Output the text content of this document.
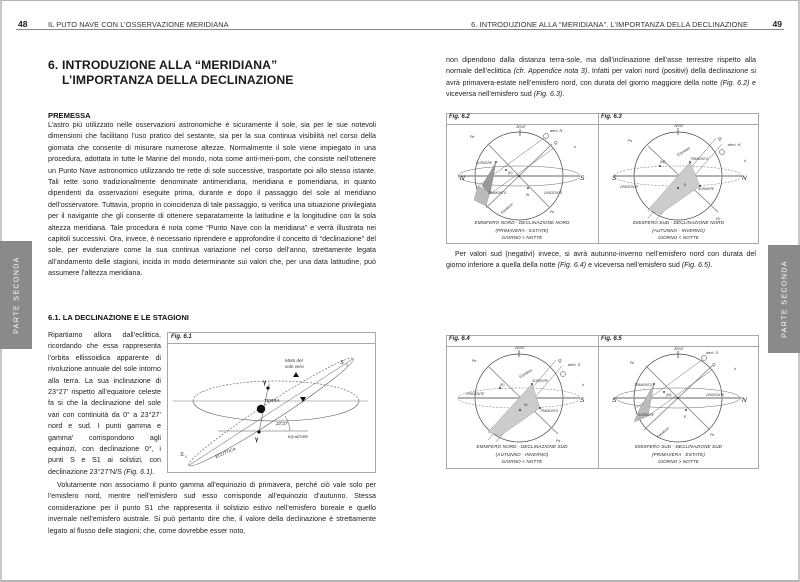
48	IL PUTO NAVE CON L’OSSERVAZIONE MERIDIANA
PARTE SECONDA
6. INTRODUZIONE ALLA “MERIDIANA”
L’IMPORTANZA DELLA DECLINAZIONE
PREMESSA
L’astro più utilizzato nelle osservazioni astronomiche è sicuramente il sole, sia per le sue notevoli dimensioni che facilitano l’uso pratico del sestante, sia per la sua continua visibilità nel corso della giornata che consente di misurare numerose altezze. Normalmente il sole viene impiegato in una procedura, adottata in tutte le Marine del mondo, nota come anti-meri-pom, che consiste nell’ottenere un Punto Nave astronomico utilizzando tre rette di sole successive, trasportate poi allo stesso istante. Tali rette sono tradizionalmente denominate antimeridiana, meridiana e pomeridiana, in quanto dipendenti da osservazioni eseguite prima, durante e dopo il passaggio del sole al meridiano dell’osservatore. Tuttavia, proprio in coincidenza di tale passaggio, si verifica una situazione privilegiata per il navigante che gli consente di ottenere separatamente la latitudine e la longitudine con la sola altezza meridiana. Tale procedura è nota come “Punto Nave con la meridiana” e verrà illustrata nei capitoli successivi. Ora, invece, è necessario riprendere e approfondire il concetto di “declinazione” del sole, per evidenziare come la sua continua variazione nel corso dell’anno, strettamente legata all’andamento delle stagioni, incida in modo determinante sui valori che, per una data latitudine, può assumere l’altezza meridiana.
6.1. LA DECLINAZIONE E LE STAGIONI
Ripartiamo allora dall’eclittica, ricordando che essa rappresenta l’orbita ellissoidica apparente di rivoluzione annuale del sole intorno alla terra. La sua inclinazione di 23°27’ rispetto all’equatore celeste fa si che la declinazione del sole vari con continuità da 0° a 23°27’ nord e sud. I punti gamma e gamma’ corrispondono agli equinozi, con declinazione 0°, i punti S e S1 ai solstizi, con declinazione 23°27’N/S (Fig. 6.1).
Volutamente non associamo il punto gamma all’equinozio di primavera, perché ciò vale solo per l’emisfero nord, mentre nell’emisfero sud esso corrisponde all’equinozio d’autunno. Stessa considerazione per il punto S1 che rappresenta il solstizio estivo nell’emisfero boreale e quello invernale nell’emisfero australe. Si può pertanto dire che, il valore della declinazione è strettamente legato al flusso delle stagioni; che, come dovrebbe esser noto,
Fig. 6.1
Moto del
sole vero
S 1
S 1
γ 1
γ
TERRA
23°27'
EQUATORE
ECLITTICA
6. INTRODUZIONE ALLA “MERIDIANA”. L’IMPORTANZA DELLA DECLINAZIONE	49
PARTE SECONDA
non dipendono dalla distanza terra-sole, ma dall’inclinazione dell’asse terrestre rispetto alla normale dell’eclittica (cfr. Appendice nota 3). Infatti per valori nord (positivi) della declinazione si avrà primavera-estate nell’emisfero nord, con durata del giorno maggiore della notte (Fig. 6.2) e viceversa nell’emisfero sud (Fig. 6.3).
Fig. 6.2
ZENIT
decl. N
N	S
SORGERE
TRAMONTO	ORIZZONTE
Equatore
(E)
W
Pn
Ps
Q
h
EMISFERO NORD - DECLINAZIONE NORD
(PRIMAVERA - ESTATE)
GIORNO > NOTTE
Fig. 6.3
ZENIT
decl. N
S	N
SORGERE
TRAMONTO
ORIZZONTE
Equatore
(W)
E
Ps
Pn
Q
h
EMISFERO SUD - DECLINAZIONE NORD
(AUTUNNO - INVERNO)
GIORNO < NOTTE
Per valori sud (negativi) invece, si avrà autunno-inverno nell’emisfero nord con durata del giorno inferiore a quella della notte (Fig. 6.4) e viceversa nell’emisfero sud (Fig. 6.5).
Fig. 6.4
ZENIT
decl. S
S
SORGERE
TRAMONTO
ORIZZONTE
Equatore
(E)
W
Pn
Ps
Q
h
EMISFERO NORD - DECLINAZIONE SUD
(AUTUNNO - INVERNO)
GIORNO < NOTTE
Fig. 6.5
ZENIT
decl. S
S	N
SORGERE
TRAMONTO
ORIZZONTE
Equatore
(W)
E
Ps
Pn
Q
h
EMISFERO SUD - DECLINAZIONE SUD
(PRIMAVERA - ESTATE)
GIORNO > NOTTE
